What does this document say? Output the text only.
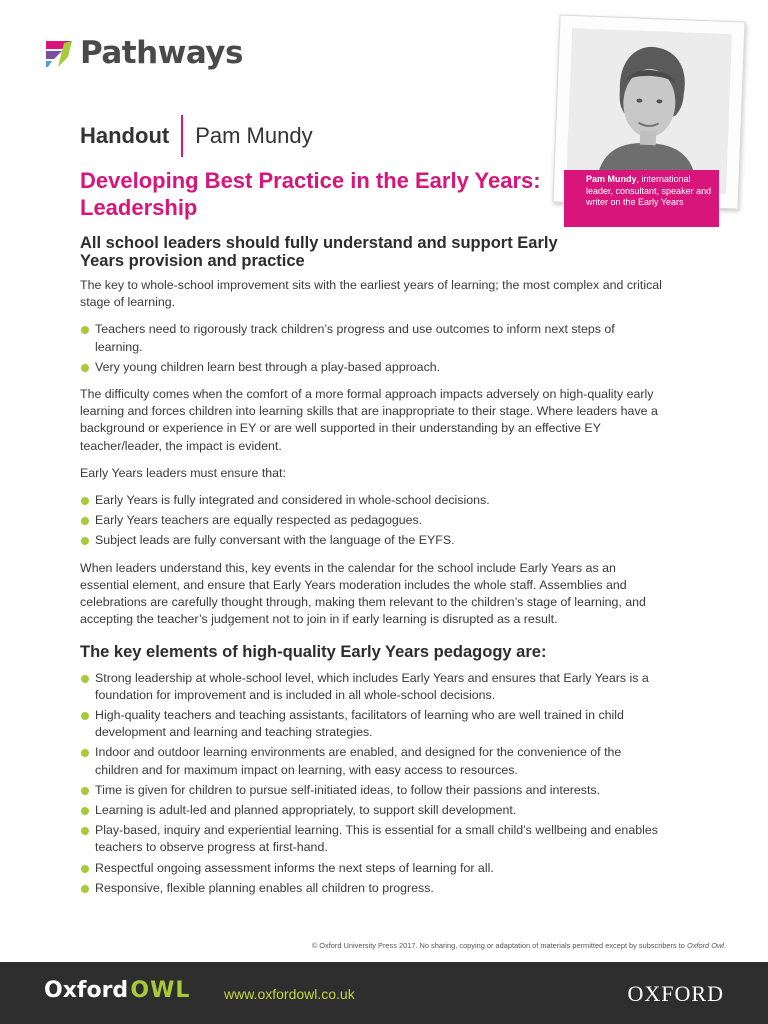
Pathways
Pam Mundy, international leader, consultant, speaker and writer on the Early Years
Handout Pam Mundy
Developing Best Practice in the Early Years: Leadership
All school leaders should fully understand and support Early Years provision and practice

The key to whole-school improvement sits with the earliest years of learning; the most complex and critical stage of learning.

Teachers need to rigorously track children’s progress and use outcomes to inform next steps of learning.
Very young children learn best through a play-based approach.

The difficulty comes when the comfort of a more formal approach impacts adversely on high-quality early learning and forces children into learning skills that are inappropriate to their stage. Where leaders have a background or experience in EY or are well supported in their understanding by an effective EY teacher/leader, the impact is evident.

Early Years leaders must ensure that:

Early Years is fully integrated and considered in whole-school decisions.
Early Years teachers are equally respected as pedagogues.
Subject leads are fully conversant with the language of the EYFS.

When leaders understand this, key events in the calendar for the school include Early Years as an essential element, and ensure that Early Years moderation includes the whole staff. Assemblies and celebrations are carefully thought through, making them relevant to the children’s stage of learning, and accepting the teacher’s judgement not to join in if early learning is disrupted as a result.

The key elements of high-quality Early Years pedagogy are:
Strong leadership at whole-school level, which includes Early Years and ensures that Early Years is a foundation for improvement and is included in all whole-school decisions.
High-quality teachers and teaching assistants, facilitators of learning who are well trained in child development and learning and teaching strategies.
Indoor and outdoor learning environments are enabled, and designed for the convenience of the children and for maximum impact on learning, with easy access to resources.
Time is given for children to pursue self-initiated ideas, to follow their passions and interests.
Learning is adult-led and planned appropriately, to support skill development.
Play-based, inquiry and experiential learning. This is essential for a small child’s wellbeing and enables teachers to observe progress at first-hand.
Respectful ongoing assessment informs the next steps of learning for all.
Responsive, flexible planning enables all children to progress.
© Oxford University Press 2017. No sharing, copying or adaptation of materials permitted except by subscribers to Oxford Owl.
Oxford  OWL www.oxfordowl.co.uk	OXFORD
